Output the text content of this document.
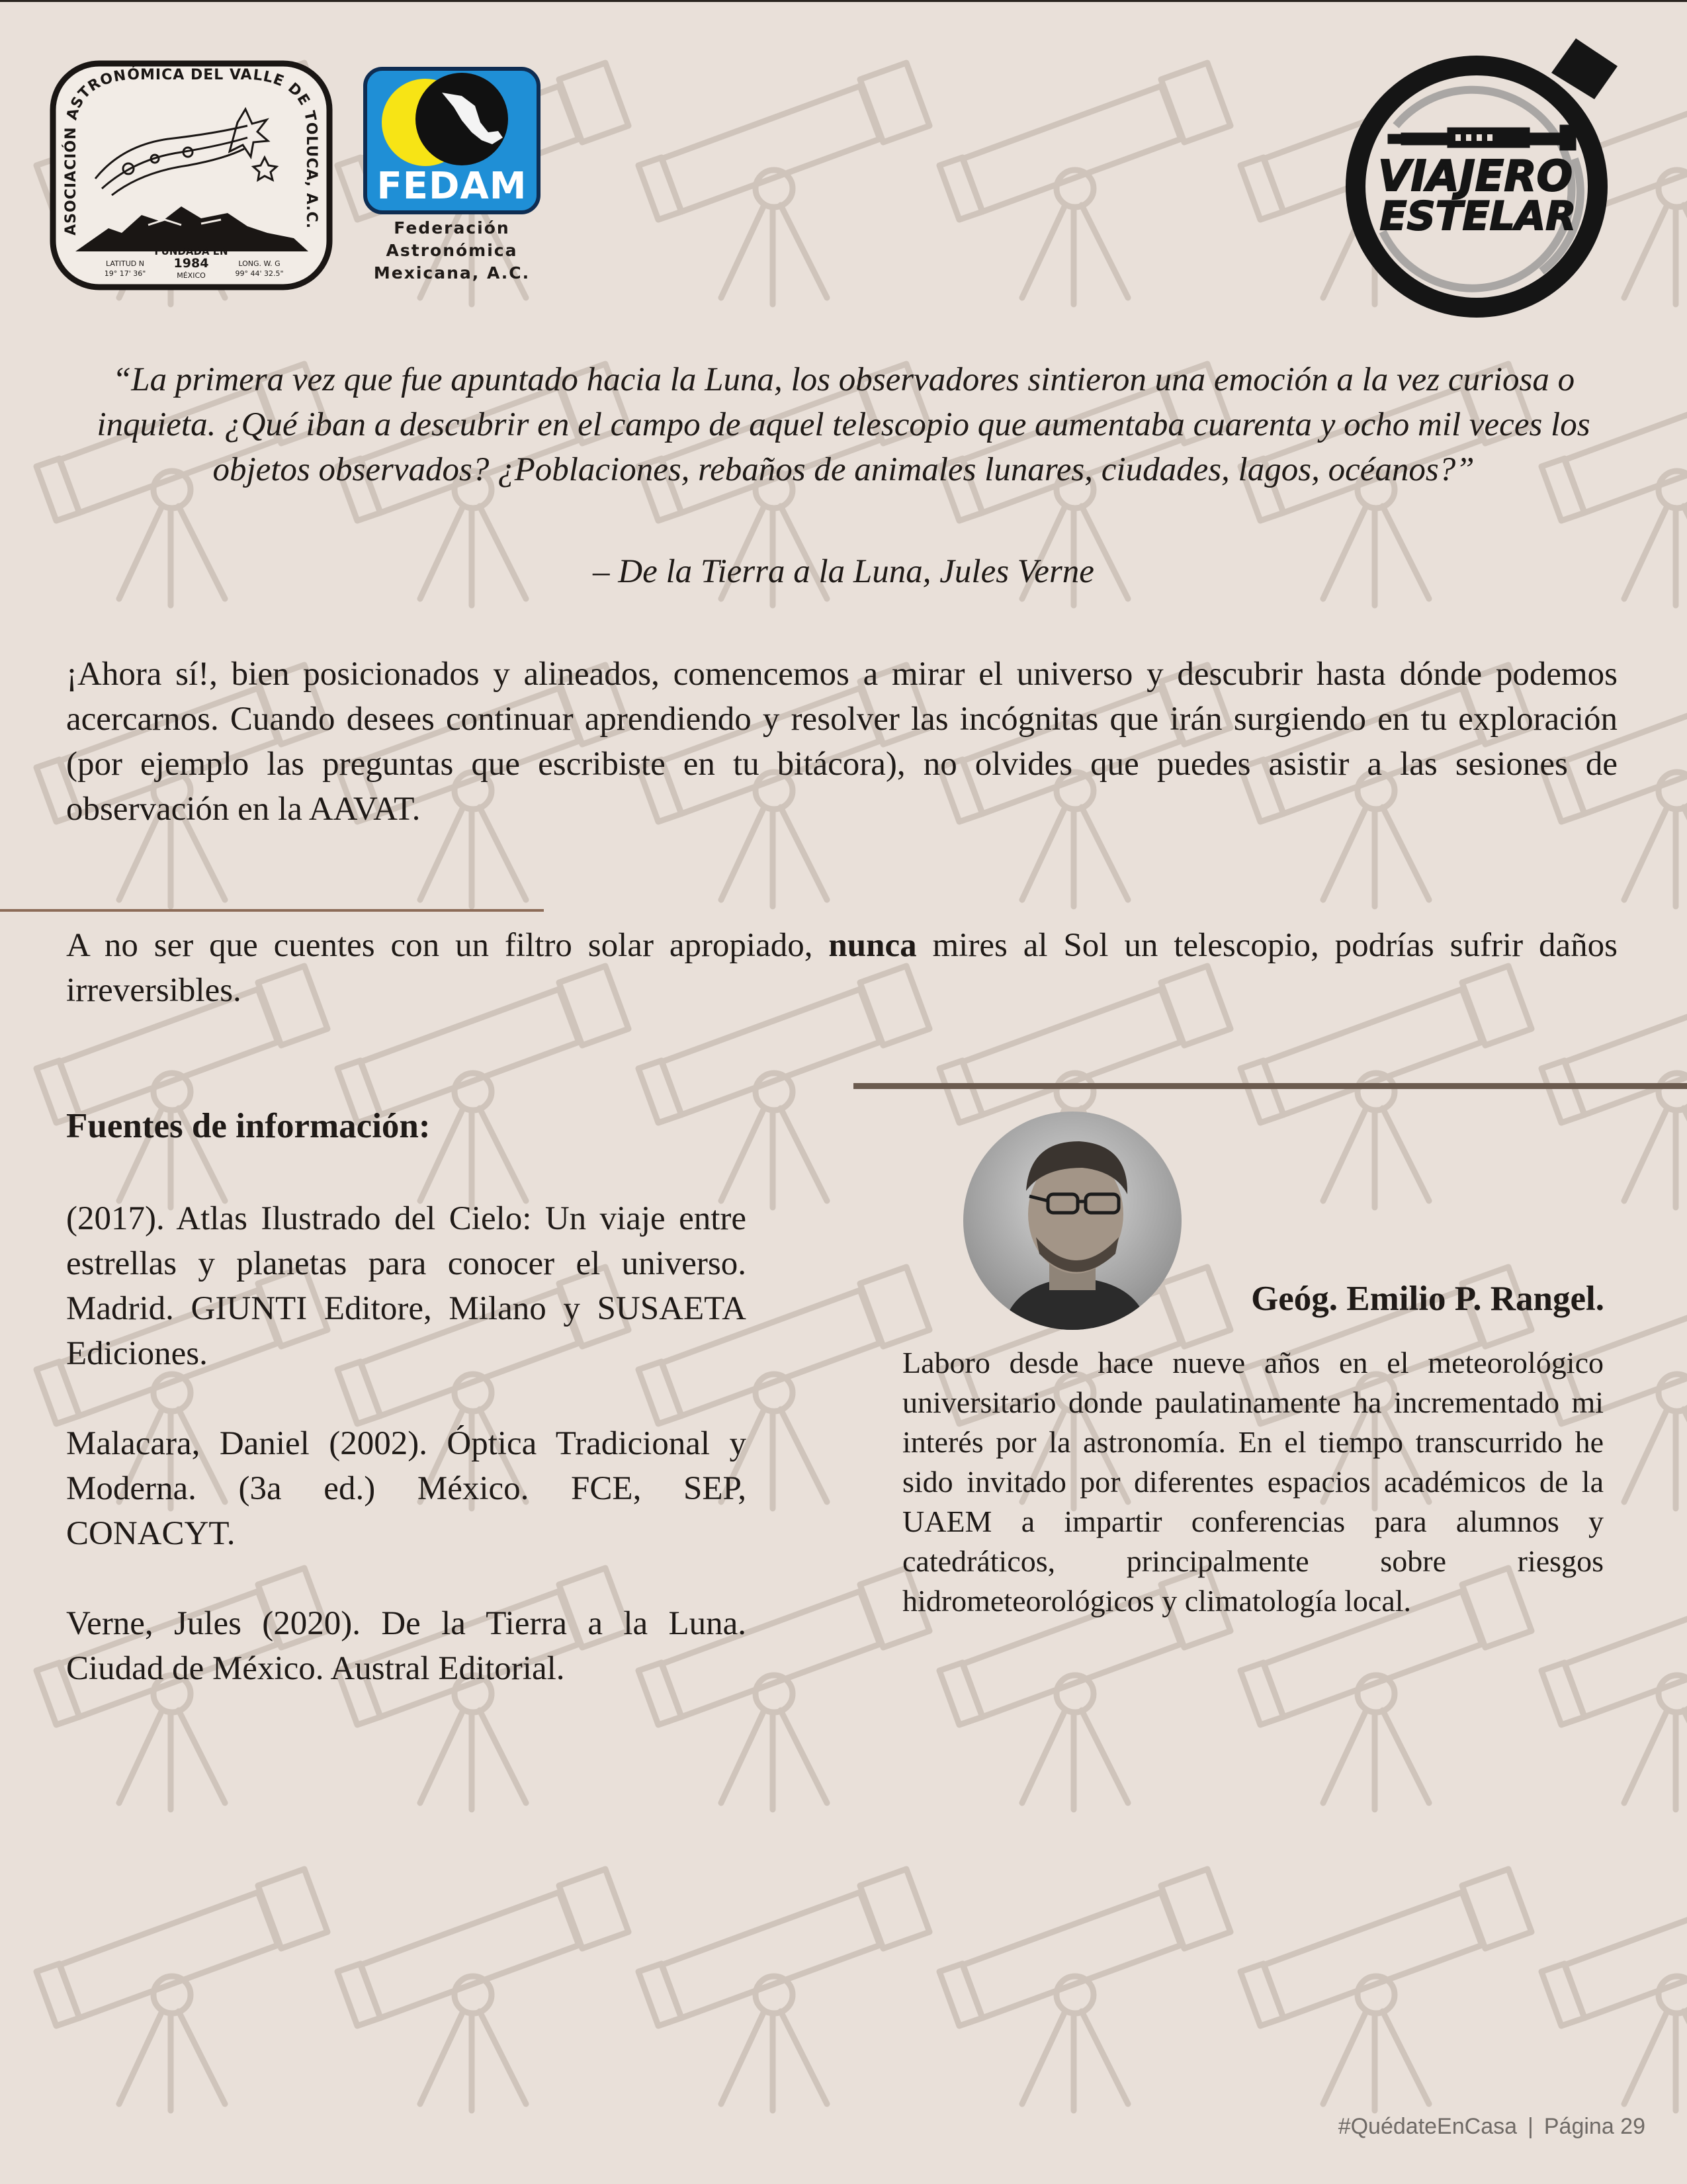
ASOCIACIÓN ASTRONÓMICA DEL VALLE DE TOLUCA, A.C.
FUNDADA EN
1984
MÉXICO
LATITUD N
19° 17' 36"
LONG. W. G
99° 44' 32.5"
FEDAM
Federación
Astronómica
Mexicana, A.C.
VIAJERO
ESTELAR
“La primera vez que fue apuntado hacia la Luna, los observadores sintieron una emoción a la vez curiosa o inquieta. ¿Qué iban a descubrir en el campo de aquel telescopio que aumentaba cuarenta y ocho mil veces los objetos observados? ¿Poblaciones, rebaños de animales lunares, ciudades, lagos, océanos?”
– De la Tierra a la Luna, Jules Verne
¡Ahora sí!, bien posicionados y alineados, comencemos a mirar el universo y descubrir hasta dónde podemos acercarnos. Cuando desees continuar aprendiendo y resolver las incógnitas que irán surgiendo en tu exploración (por ejemplo las preguntas que escribiste en tu bitácora), no olvides que puedes asistir a las sesiones de observación en la AAVAT.
A no ser que cuentes con un filtro solar apropiado, nunca mires al Sol un telescopio, podrías sufrir daños irreversibles.
Fuentes de información:

(2017). Atlas Ilustrado del Cielo: Un viaje entre estrellas y planetas para conocer el universo. Madrid. GIUNTI Editore, Milano y SUSAETA Ediciones.

Malacara, Daniel (2002). Óptica Tradicional y Moderna. (3a ed.) México. FCE, SEP, CONACYT.

Verne, Jules (2020). De la Tierra a la Luna. Ciudad de México. Austral Editorial.

Geóg. Emilio P. Rangel.
Laboro desde hace nueve años en el meteorológico universitario donde paulatinamente ha incrementado mi interés por la astronomía. En el tiempo transcurrido he sido invitado por diferentes espacios académicos de la UAEM a impartir conferencias para alumnos y catedráticos, principalmente sobre riesgos hidrometeorológicos y climatología local.
#QuédateEnCasa | Página 29
